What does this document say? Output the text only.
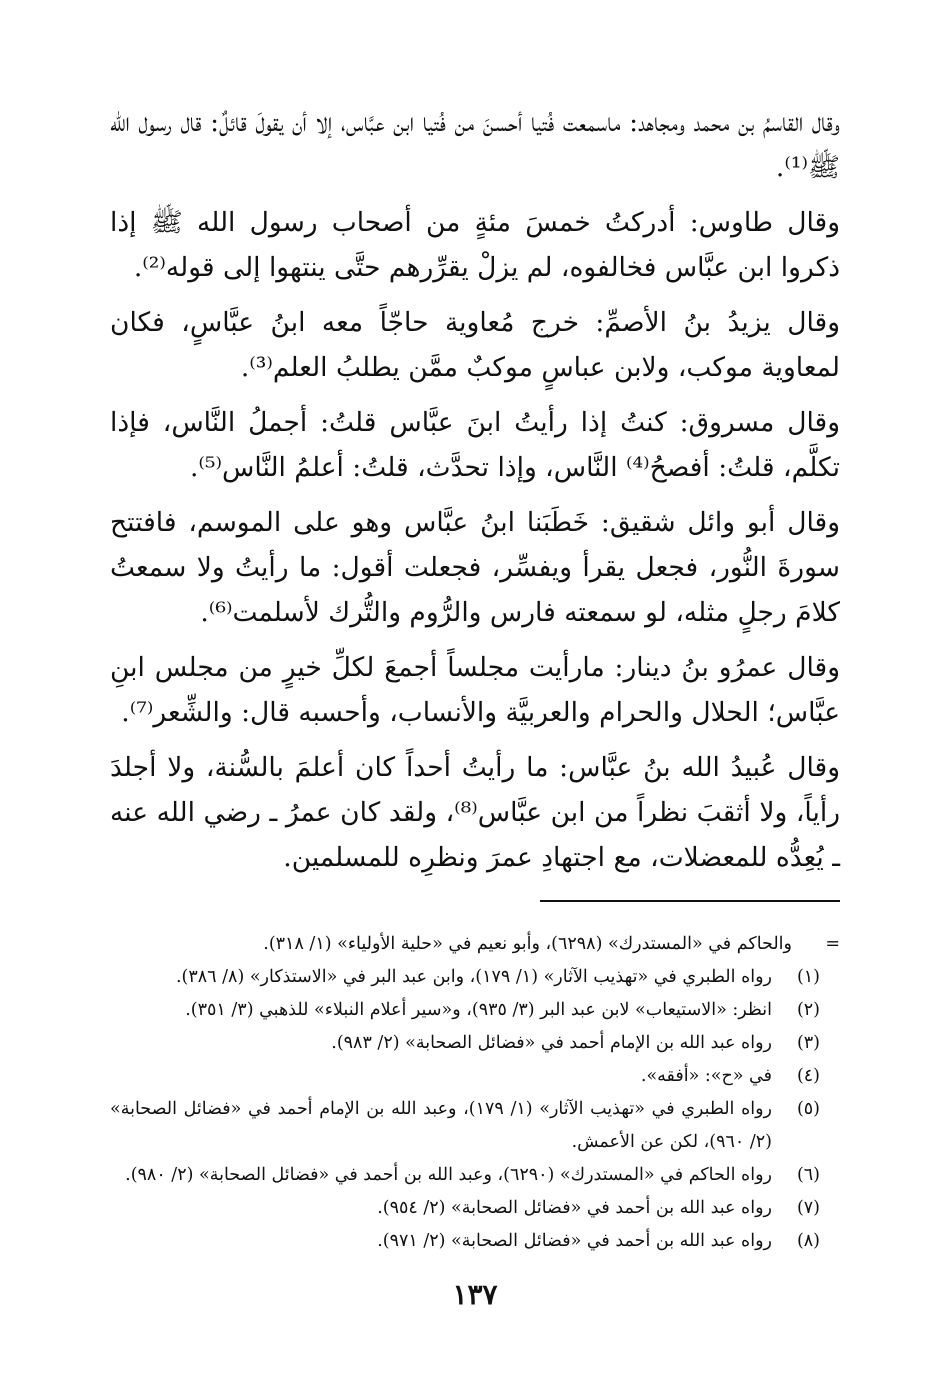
وقال القاسمُ بن محمد ومجاهد: ماسمعت فُتيا أحسنَ من فُتيا ابن عبَّاس، إلا أن يقولَ قائلٌ: قال رسول الله ﷺ⁽¹⁾.

وقال طاوس: أدركتُ خمسَ مئةٍ من أصحاب رسول الله ﷺ إذا ذكروا ابن عبَّاس فخالفوه، لم يزلْ يقرِّرهم حتَّى ينتهوا إلى قوله⁽²⁾.

وقال يزيدُ بنُ الأصمِّ: خرج مُعاوية حاجّاً معه ابنُ عبَّاسٍ، فكان لمعاوية موكب، ولابن عباسٍ موكبٌ ممَّن يطلبُ العلم⁽³⁾.

وقال مسروق: كنتُ إذا رأيتُ ابنَ عبَّاس قلتُ: أجملُ النَّاس، فإذا تكلَّم، قلتُ: أفصحُ⁽⁴⁾ النَّاس، وإذا تحدَّث، قلتُ: أعلمُ النَّاس⁽⁵⁾.

وقال أبو وائل شقيق: خَطَبَنا ابنُ عبَّاس وهو على الموسم، فافتتح سورةَ النُّور، فجعل يقرأ ويفسِّر، فجعلت أقول: ما رأيتُ ولا سمعتُ كلامَ رجلٍ مثله، لو سمعته فارس والرُّوم والتُّرك لأسلمت⁽⁶⁾.

وقال عمرُو بنُ دينار: مارأيت مجلساً أجمعَ لكلِّ خيرٍ من مجلس ابنِ عبَّاس؛ الحلال والحرام والعربيَّة والأنساب، وأحسبه قال: والشِّعر⁽⁷⁾.

وقال عُبيدُ الله بنُ عبَّاس: ما رأيتُ أحداً كان أعلمَ بالسُّنة، ولا أجلدَ رأياً، ولا أثقبَ نظراً من ابن عبَّاس⁽⁸⁾، ولقد كان عمرُ ـ رضي الله عنه ـ يُعِدُّه للمعضلات، مع اجتهادِ عمرَ ونظرِه للمسلمين.

=
والحاكم في «المستدرك» (٦٢٩٨)، وأبو نعيم في «حلية الأولياء» (١/ ٣١٨).
(١)
رواه الطبري في «تهذيب الآثار» (١/ ١٧٩)، وابن عبد البر في «الاستذكار» (٨/ ٣٨٦).
(٢)
انظر: «الاستيعاب» لابن عبد البر (٣/ ٩٣٥)، و«سير أعلام النبلاء» للذهبي (٣/ ٣٥١).
(٣)
رواه عبد الله بن الإمام أحمد في «فضائل الصحابة» (٢/ ٩٨٣).
(٤)
في «ح»: «أفقه».
(٥)
رواه الطبري في «تهذيب الآثار» (١/ ١٧٩)، وعبد الله بن الإمام أحمد في «فضائل الصحابة» (٢/ ٩٦٠)، لكن عن الأعمش.
(٦)
رواه الحاكم في «المستدرك» (٦٢٩٠)، وعبد الله بن أحمد في «فضائل الصحابة» (٢/ ٩٨٠).
(٧)
رواه عبد الله بن أحمد في «فضائل الصحابة» (٢/ ٩٥٤).
(٨)
رواه عبد الله بن أحمد في «فضائل الصحابة» (٢/ ٩٧١).
١٣٧
